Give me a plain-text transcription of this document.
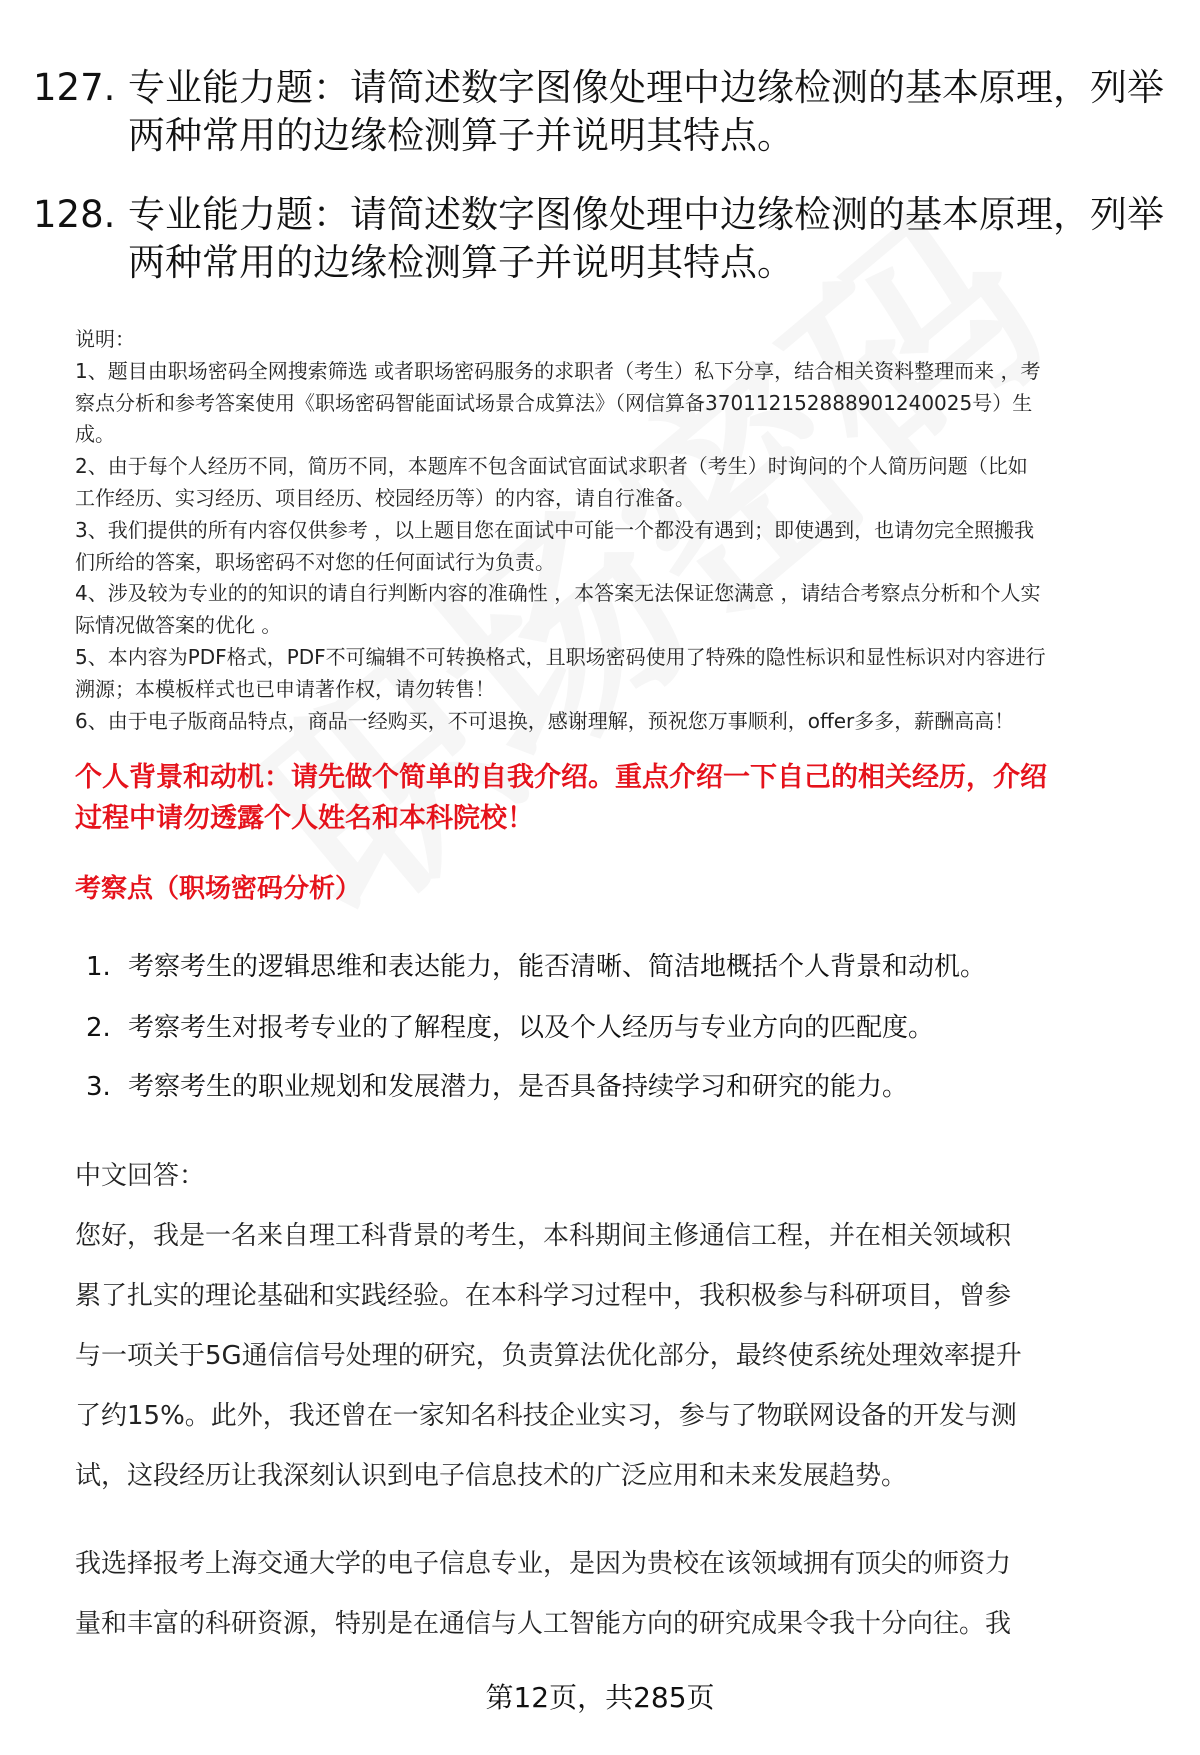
127. 专业能力题：请简述数字图像处理中边缘检测的基本原理，列举
两种常用的边缘检测算子并说明其特点。
128. 专业能力题：请简述数字图像处理中边缘检测的基本原理，列举
两种常用的边缘检测算子并说明其特点。
说明：
1、题目由职场密码全网搜索筛选 或者职场密码服务的求职者（考生）私下分享，结合相关资料整理而来 ，考
察点分析和参考答案使用《职场密码智能面试场景合成算法》（网信算备370112152888901240025号）生
成。
2、由于每个人经历不同，简历不同，本题库不包含面试官面试求职者（考生）时询问的个人简历问题（比如
工作经历、实习经历、项目经历、校园经历等）的内容，请自行准备。
3、我们提供的所有内容仅供参考 ，以上题目您在面试中可能一个都没有遇到；即使遇到，也请勿完全照搬我
们所给的答案，职场密码不对您的任何面试行为负责。
4、涉及较为专业的的知识的请自行判断内容的准确性 ，本答案无法保证您满意 ，请结合考察点分析和个人实
际情况做答案的优化 。
5、本内容为PDF格式，PDF不可编辑不可转换格式，且职场密码使用了特殊的隐性标识和显性标识对内容进行
溯源；本模板样式也已申请著作权，请勿转售！
6、由于电子版商品特点，商品一经购买，不可退换，感谢理解，预祝您万事顺利，offer多多，薪酬高高！
个人背景和动机：请先做个简单的自我介绍。重点介绍一下自己的相关经历，介绍
过程中请勿透露个人姓名和本科院校！
考察点（职场密码分析）
1. 考察考生的逻辑思维和表达能力，能否清晰、简洁地概括个人背景和动机。
2. 考察考生对报考专业的了解程度，以及个人经历与专业方向的匹配度。
3. 考察考生的职业规划和发展潜力，是否具备持续学习和研究的能力。
中文回答：
您好，我是一名来自理工科背景的考生，本科期间主修通信工程，并在相关领域积
累了扎实的理论基础和实践经验。在本科学习过程中，我积极参与科研项目，曾参
与一项关于5G通信信号处理的研究，负责算法优化部分，最终使系统处理效率提升
了约15%。此外，我还曾在一家知名科技企业实习，参与了物联网设备的开发与测
试，这段经历让我深刻认识到电子信息技术的广泛应用和未来发展趋势。
我选择报考上海交通大学的电子信息专业，是因为贵校在该领域拥有顶尖的师资力
量和丰富的科研资源，特别是在通信与人工智能方向的研究成果令我十分向往。我
第12页，共285页
